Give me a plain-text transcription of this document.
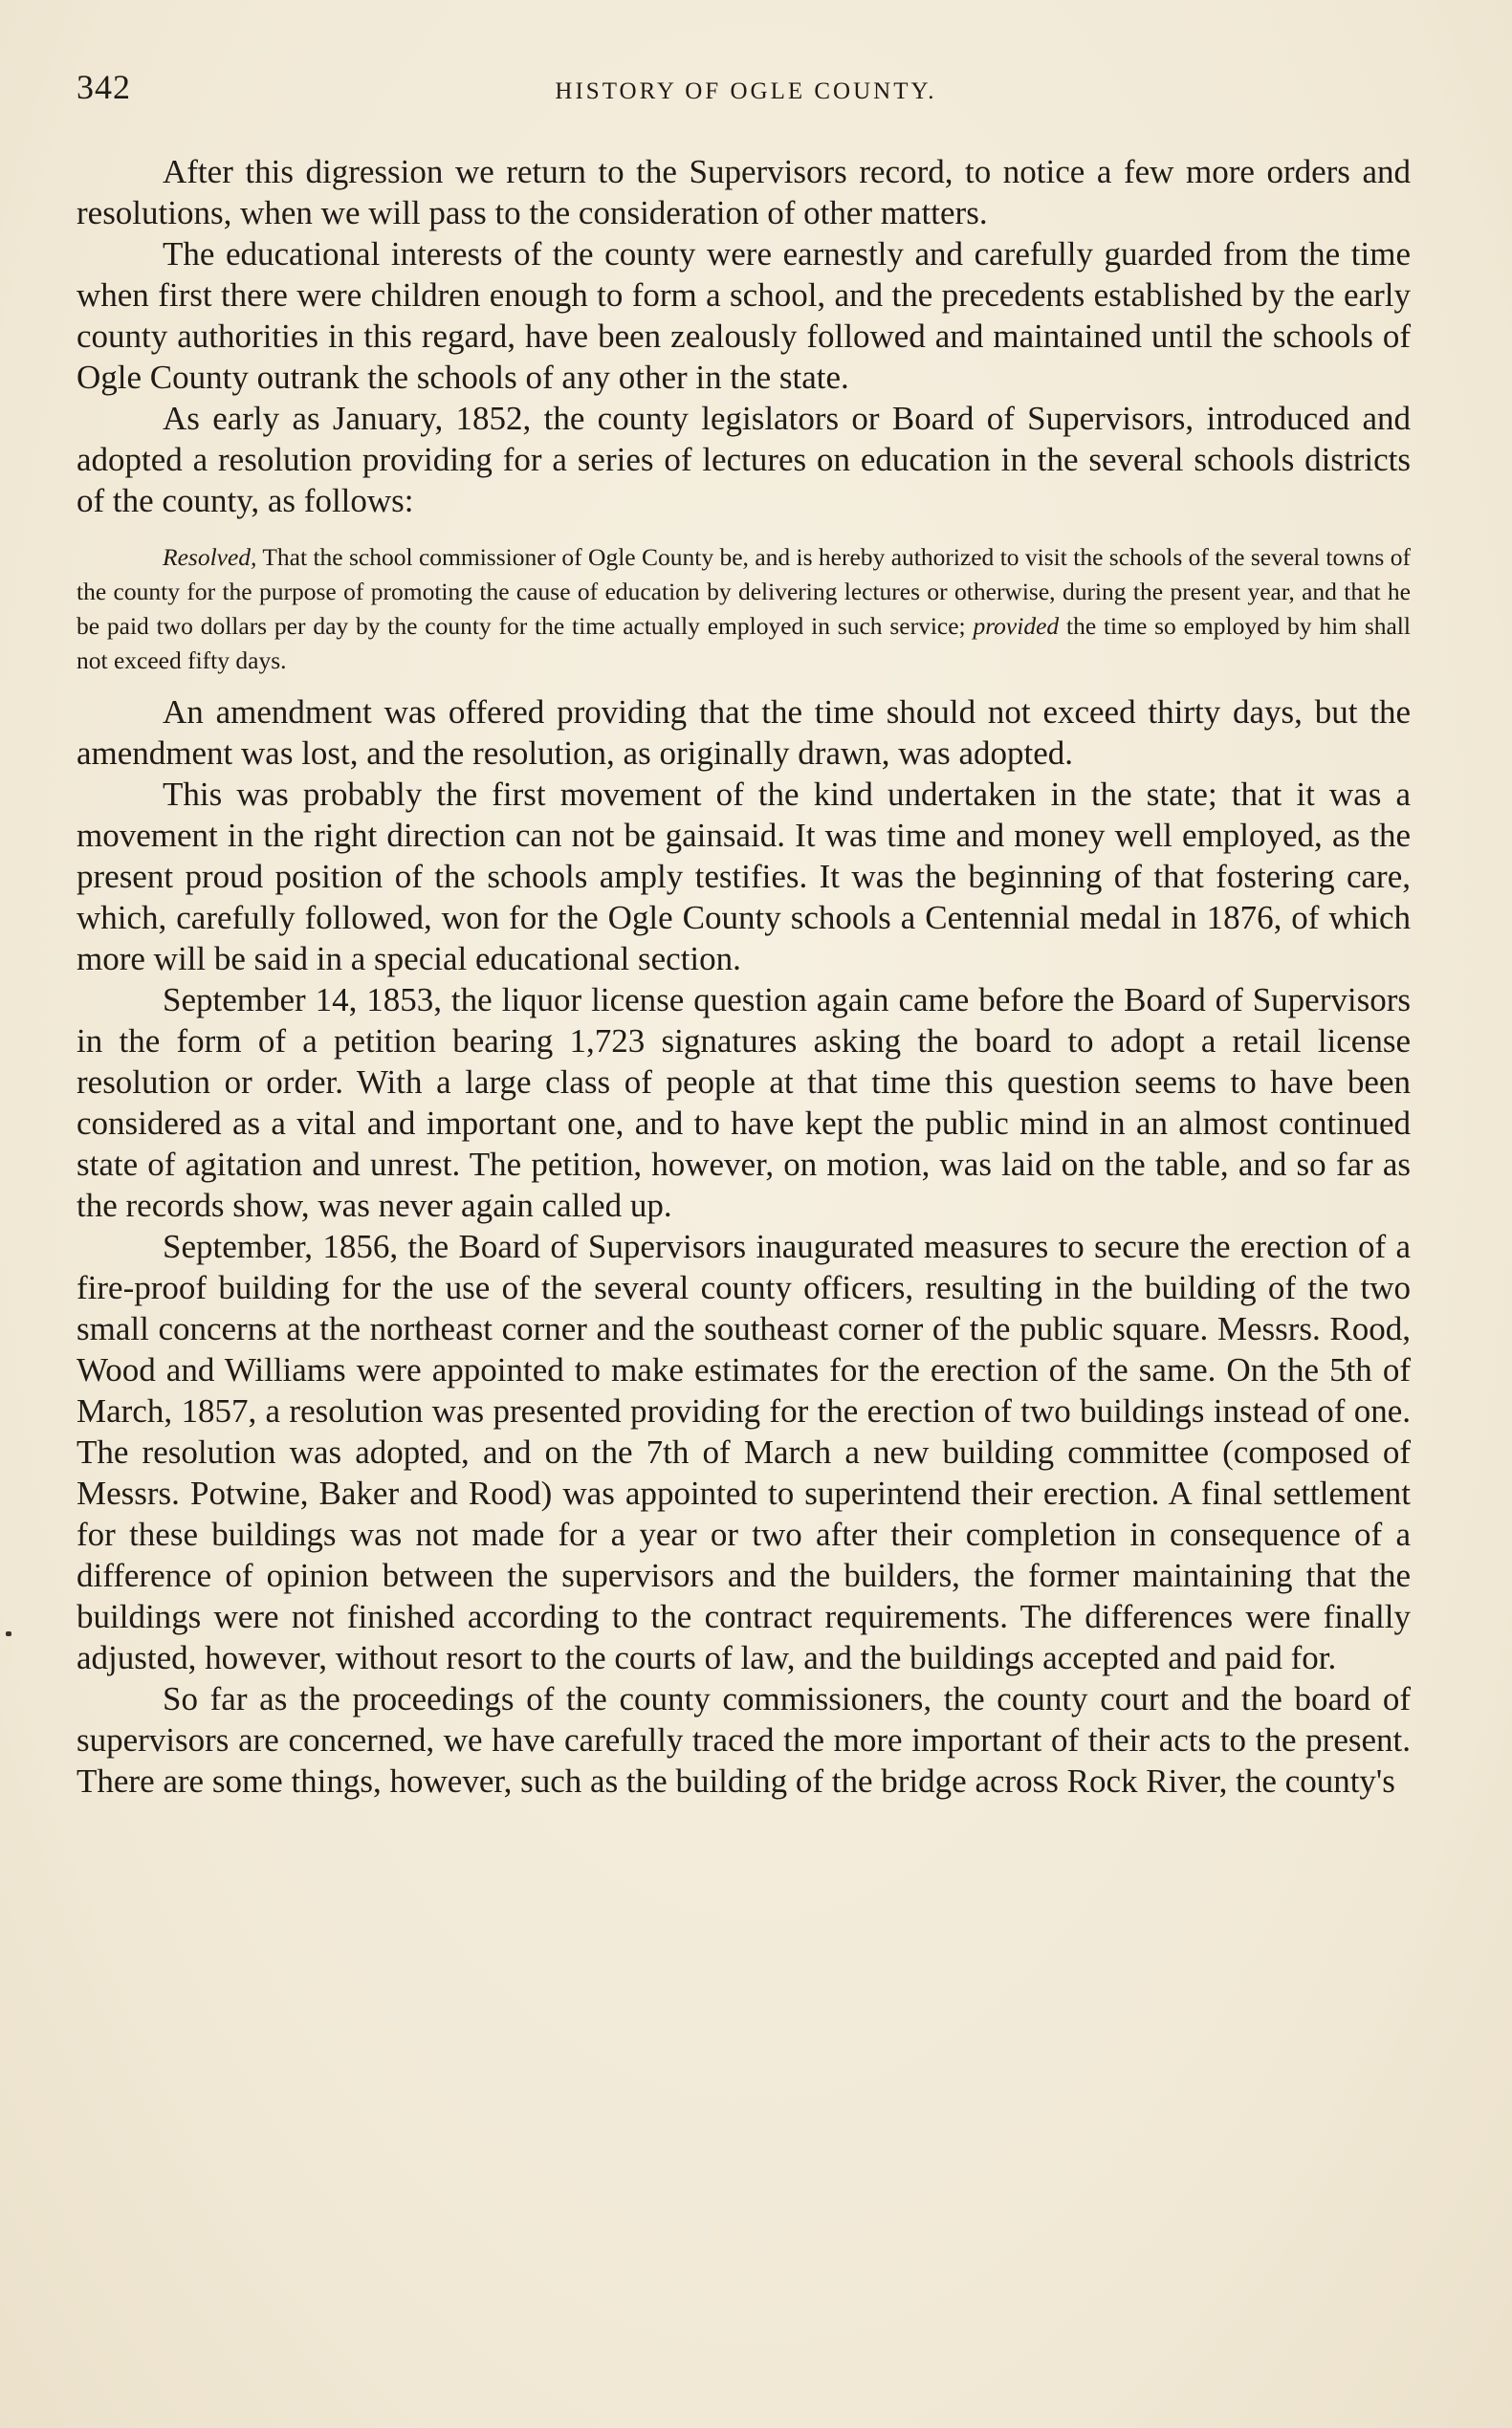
342	HISTORY OF OGLE COUNTY.

After this digression we return to the Supervisors record, to notice a few more orders and resolutions, when we will pass to the consideration of other matters.

The educational interests of the county were earnestly and carefully guarded from the time when first there were children enough to form a school, and the precedents established by the early county authorities in this regard, have been zealously followed and maintained until the schools of Ogle County outrank the schools of any other in the state.

As early as January, 1852, the county legislators or Board of Supervisors, introduced and adopted a resolution providing for a series of lectures on education in the several schools districts of the county, as follows:

Resolved, That the school commissioner of Ogle County be, and is hereby authorized to visit the schools of the several towns of the county for the purpose of promoting the cause of education by delivering lectures or otherwise, during the present year, and that he be paid two dollars per day by the county for the time actually employed in such service; provided the time so employed by him shall not exceed fifty days.

An amendment was offered providing that the time should not exceed thirty days, but the amendment was lost, and the resolution, as originally drawn, was adopted.

This was probably the first movement of the kind undertaken in the state; that it was a movement in the right direction can not be gainsaid. It was time and money well employed, as the present proud position of the schools amply testifies. It was the beginning of that fostering care, which, carefully followed, won for the Ogle County schools a Centennial medal in 1876, of which more will be said in a special educational section.

September 14, 1853, the liquor license question again came before the Board of Supervisors in the form of a petition bearing 1,723 signatures asking the board to adopt a retail license resolution or order. With a large class of people at that time this question seems to have been considered as a vital and important one, and to have kept the public mind in an almost continued state of agitation and unrest. The petition, however, on motion, was laid on the table, and so far as the records show, was never again called up.

September, 1856, the Board of Supervisors inaugurated measures to secure the erection of a fire-proof building for the use of the several county officers, resulting in the building of the two small concerns at the northeast corner and the southeast corner of the public square. Messrs. Rood, Wood and Williams were appointed to make estimates for the erection of the same. On the 5th of March, 1857, a resolution was presented providing for the erection of two buildings instead of one. The resolution was adopted, and on the 7th of March a new building committee (composed of Messrs. Potwine, Baker and Rood) was appointed to superintend their erection. A final settlement for these buildings was not made for a year or two after their completion in consequence of a difference of opinion between the supervisors and the builders, the former maintaining that the buildings were not finished according to the contract requirements. The differences were finally adjusted, however, without resort to the courts of law, and the buildings accepted and paid for.

So far as the proceedings of the county commissioners, the county court and the board of supervisors are concerned, we have carefully traced the more important of their acts to the present. There are some things, however, such as the building of the bridge across Rock River, the county's
